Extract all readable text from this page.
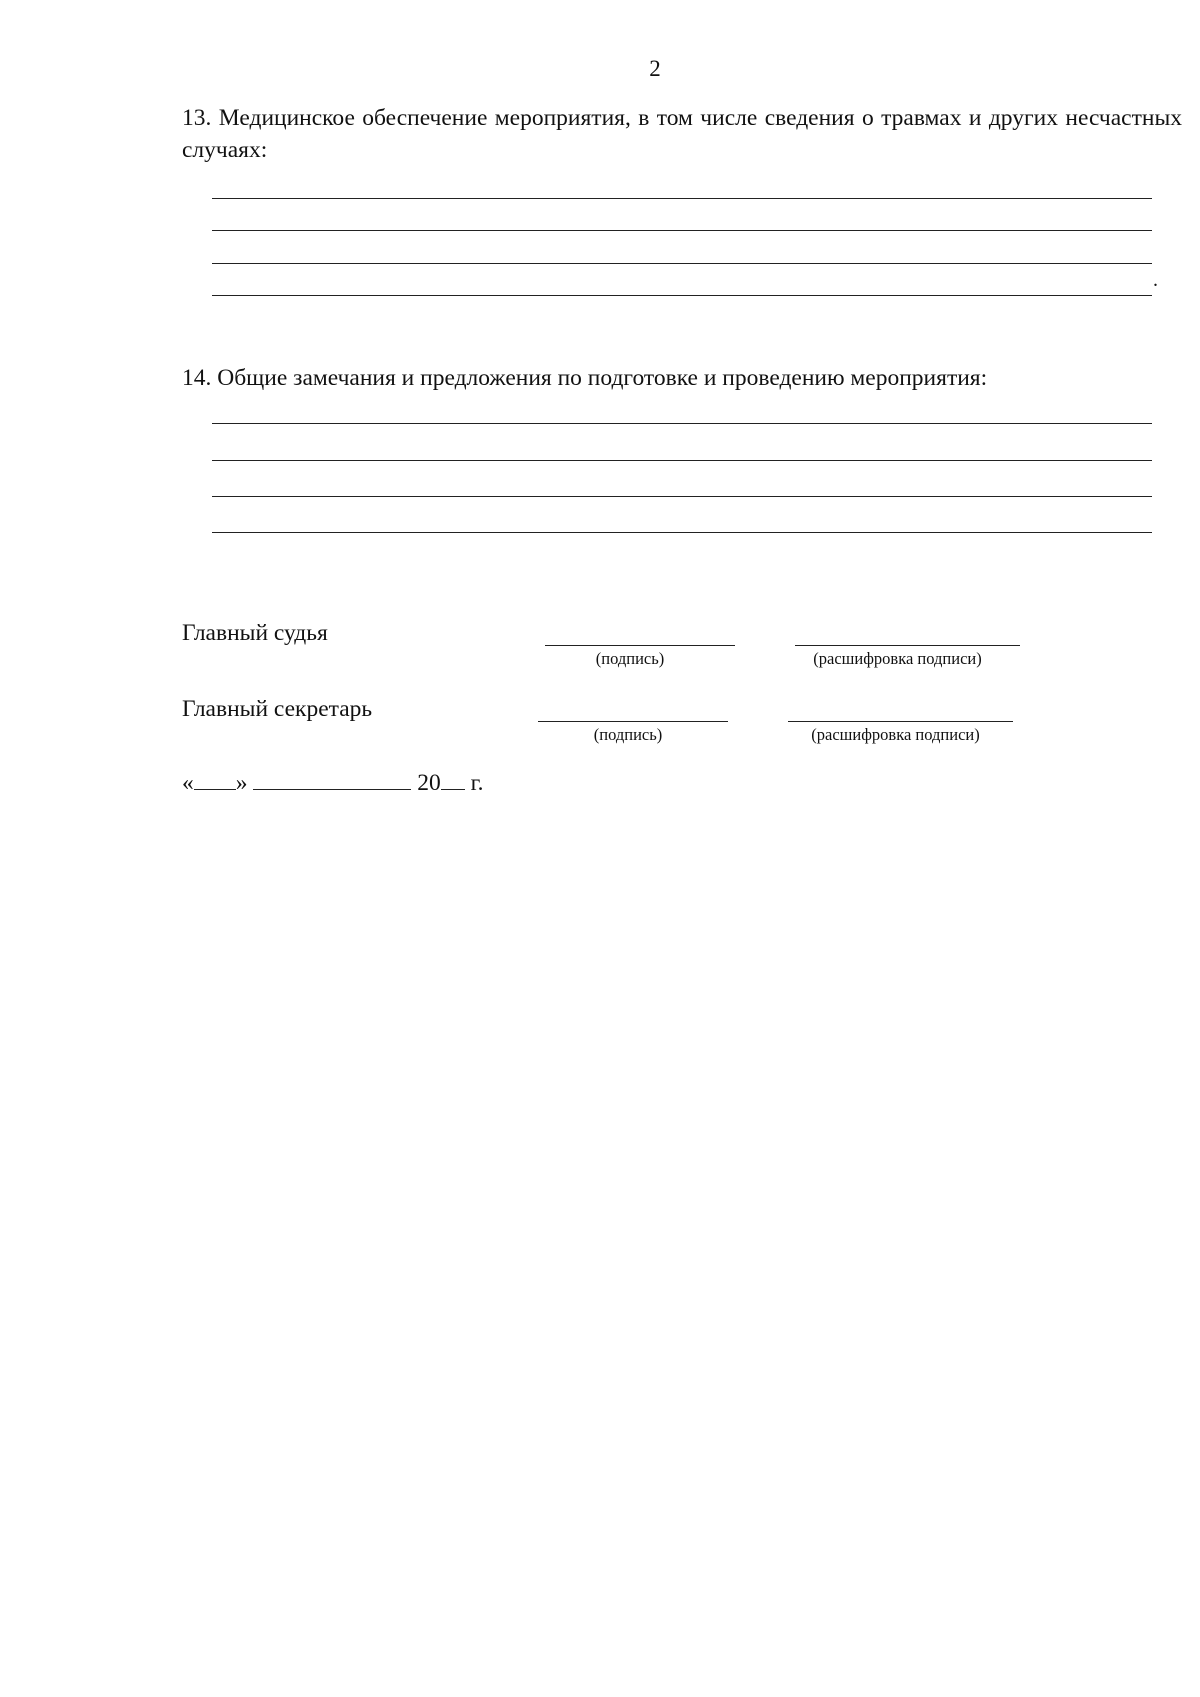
2
13. Медицинское обеспечение мероприятия, в том числе сведения о травмах и других несчастных случаях:
.
14. Общие замечания и предложения по подготовке и проведению мероприятия:
Главный судья
(подпись)	(расшифровка подписи)
Главный секретарь
(подпись)	(расшифровка подписи)
« »	20 г.
